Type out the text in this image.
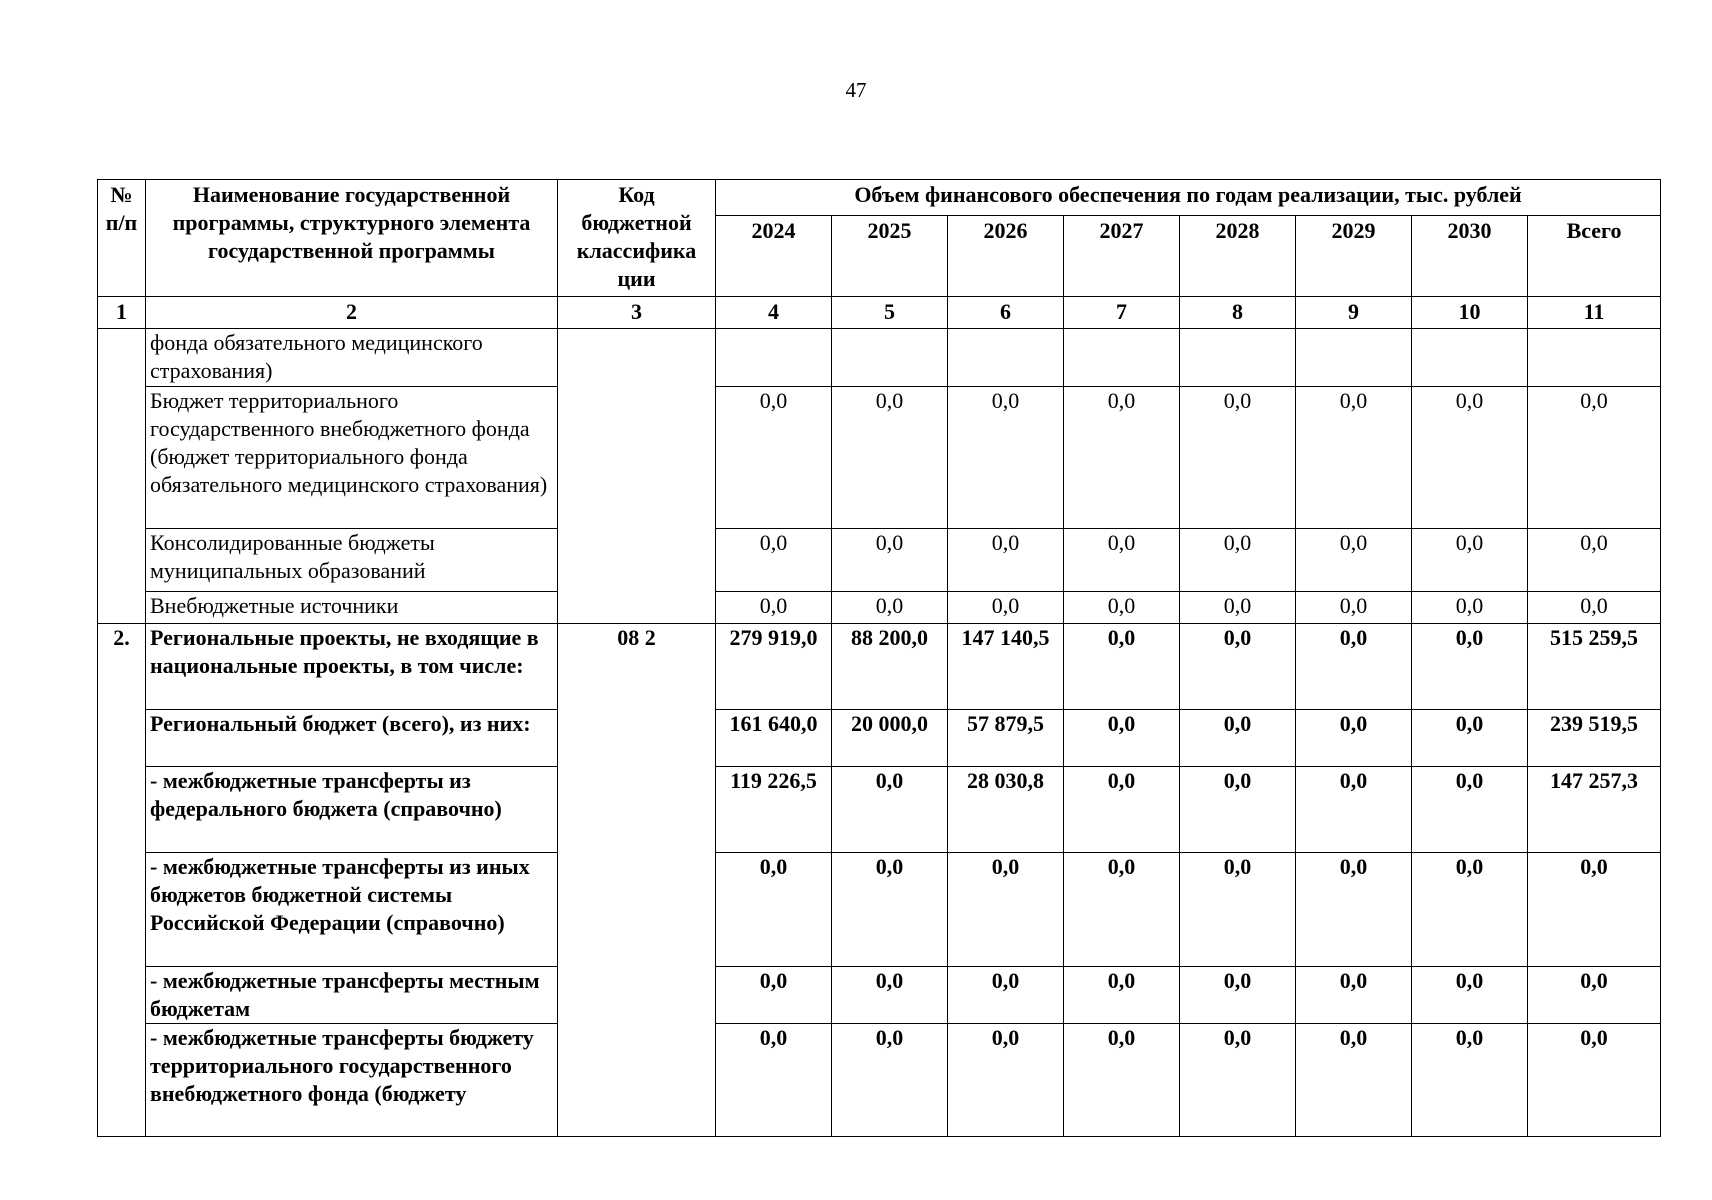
47
№ п/п	Наименование государственной программы, структурного элемента государственной программы	Код бюджетной классифика ции	Объем финансового обеспечения по годам реализации, тыс. рублей							
			2024	2025	2026	2027	2028	2029	2030	Всего
1	2	3	4	5	6	7	8	9	10	11
	фонда обязательного медицинского страхования)									
	Бюджет территориального государственного внебюджетного фонда (бюджет территориального фонда обязательного медицинского страхования)		0,0	0,0	0,0	0,0	0,0	0,0	0,0	0,0
	Консолидированные бюджеты муниципальных образований		0,0	0,0	0,0	0,0	0,0	0,0	0,0	0,0
	Внебюджетные источники		0,0	0,0	0,0	0,0	0,0	0,0	0,0	0,0
2.	Региональные проекты, не входящие в национальные проекты, в том числе:	08 2	279 919,0	88 200,0	147 140,5	0,0	0,0	0,0	0,0	515 259,5
	Региональный бюджет (всего), из них:		161 640,0	20 000,0	57 879,5	0,0	0,0	0,0	0,0	239 519,5
	- межбюджетные трансферты из федерального бюджета (справочно)		119 226,5	0,0	28 030,8	0,0	0,0	0,0	0,0	147 257,3
	- межбюджетные трансферты из иных бюджетов бюджетной системы Российской Федерации (справочно)		0,0	0,0	0,0	0,0	0,0	0,0	0,0	0,0
	- межбюджетные трансферты местным бюджетам		0,0	0,0	0,0	0,0	0,0	0,0	0,0	0,0
	- межбюджетные трансферты бюджету территориального государственного внебюджетного фонда (бюджету		0,0	0,0	0,0	0,0	0,0	0,0	0,0	0,0
